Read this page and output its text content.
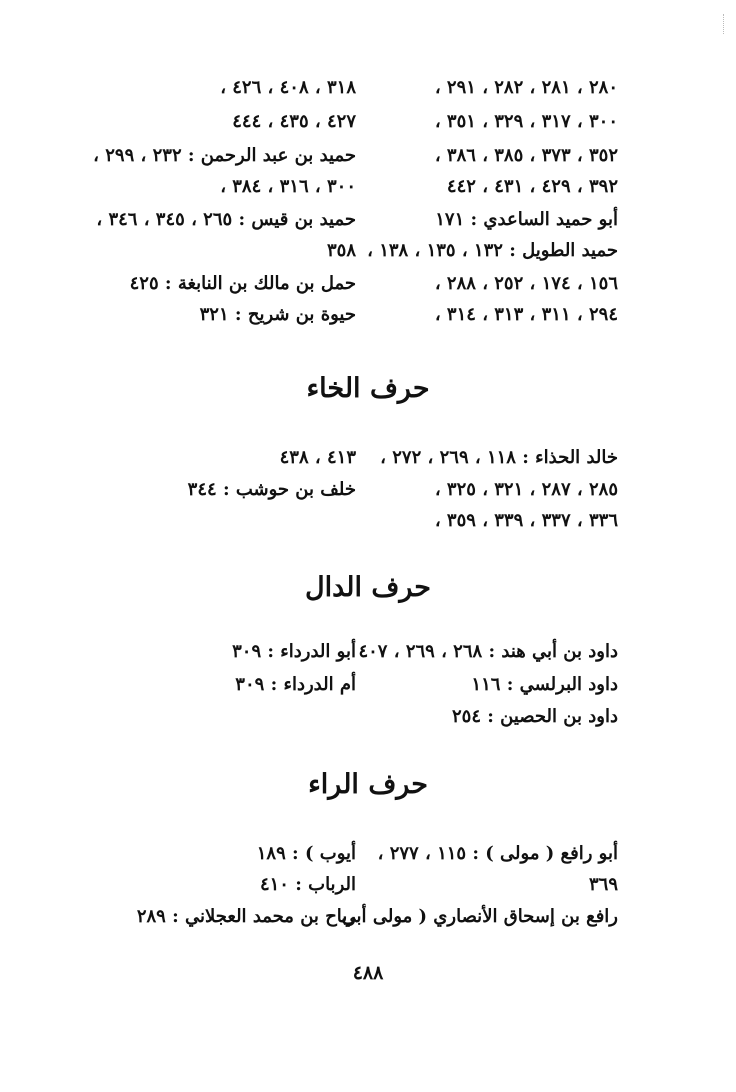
٢٨٠ ، ٢٨١ ، ٢٨٢ ، ٢٩١ ،
٣٠٠ ، ٣١٧ ، ٣٢٩ ، ٣٥١ ،
٣٥٢ ، ٣٧٣ ، ٣٨٥ ، ٣٨٦ ،
٣٩٢ ، ٤٢٩ ، ٤٣١ ، ٤٤٢
أبو حميد الساعدي : ١٧١
حميد الطويل : ١٣٢ ، ١٣٥ ، ١٣٨ ،
١٥٦ ، ١٧٤ ، ٢٥٢ ، ٢٨٨ ،
٢٩٤ ، ٣١١ ، ٣١٣ ، ٣١٤ ،
٣١٨ ، ٤٠٨ ، ٤٢٦ ،
٤٢٧ ، ٤٣٥ ، ٤٤٤
حميد بن عبد الرحمن : ٢٣٢ ، ٢٩٩ ،
٣٠٠ ، ٣١٦ ، ٣٨٤ ،
حميد بن قيس : ٢٦٥ ، ٣٤٥ ، ٣٤٦ ،
٣٥٨
حمل بن مالك بن النابغة : ٤٢٥
حيوة بن شريح : ٣٢١
حرف الخاء
خالد الحذاء : ١١٨ ، ٢٦٩ ، ٢٧٢ ،
٢٨٥ ، ٢٨٧ ، ٣٢١ ، ٣٢٥ ،
٣٣٦ ، ٣٣٧ ، ٣٣٩ ، ٣٥٩ ،
٤١٣ ، ٤٣٨
خلف بن حوشب : ٣٤٤
حرف الدال
داود بن أبي هند : ٢٦٨ ، ٢٦٩ ، ٤٠٧
داود البرلسي : ١١٦
داود بن الحصين : ٢٥٤
أبو الدرداء : ٣٠٩
أم الدرداء : ٣٠٩
حرف الراء
أبو رافع ( مولى ) : ١١٥ ، ٢٧٧ ،
٣٦٩
رافع بن إسحاق الأنصاري ( مولى أبي
أيوب ) : ١٨٩
الرباب : ٤١٠
رباح بن محمد العجلاني : ٢٨٩
٤٨٨
